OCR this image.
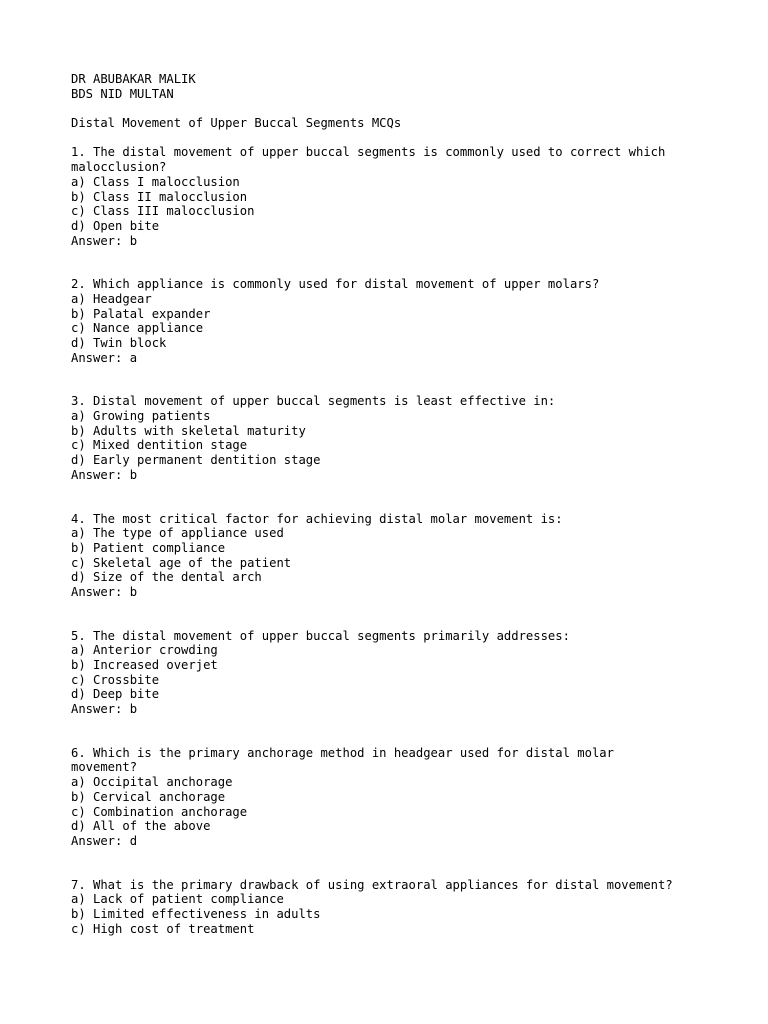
DR ABUBAKAR MALIK
BDS NID MULTAN
Distal Movement of Upper Buccal Segments MCQs
1. The distal movement of upper buccal segments is commonly used to correct which
malocclusion?
a) Class I malocclusion
b) Class II malocclusion
c) Class III malocclusion
d) Open bite
Answer: b
2. Which appliance is commonly used for distal movement of upper molars?
a) Headgear
b) Palatal expander
c) Nance appliance
d) Twin block
Answer: a
3. Distal movement of upper buccal segments is least effective in:
a) Growing patients
b) Adults with skeletal maturity
c) Mixed dentition stage
d) Early permanent dentition stage
Answer: b
4. The most critical factor for achieving distal molar movement is:
a) The type of appliance used
b) Patient compliance
c) Skeletal age of the patient
d) Size of the dental arch
Answer: b
5. The distal movement of upper buccal segments primarily addresses:
a) Anterior crowding
b) Increased overjet
c) Crossbite
d) Deep bite
Answer: b
6. Which is the primary anchorage method in headgear used for distal molar
movement?
a) Occipital anchorage
b) Cervical anchorage
c) Combination anchorage
d) All of the above
Answer: d
7. What is the primary drawback of using extraoral appliances for distal movement?
a) Lack of patient compliance
b) Limited effectiveness in adults
c) High cost of treatment
